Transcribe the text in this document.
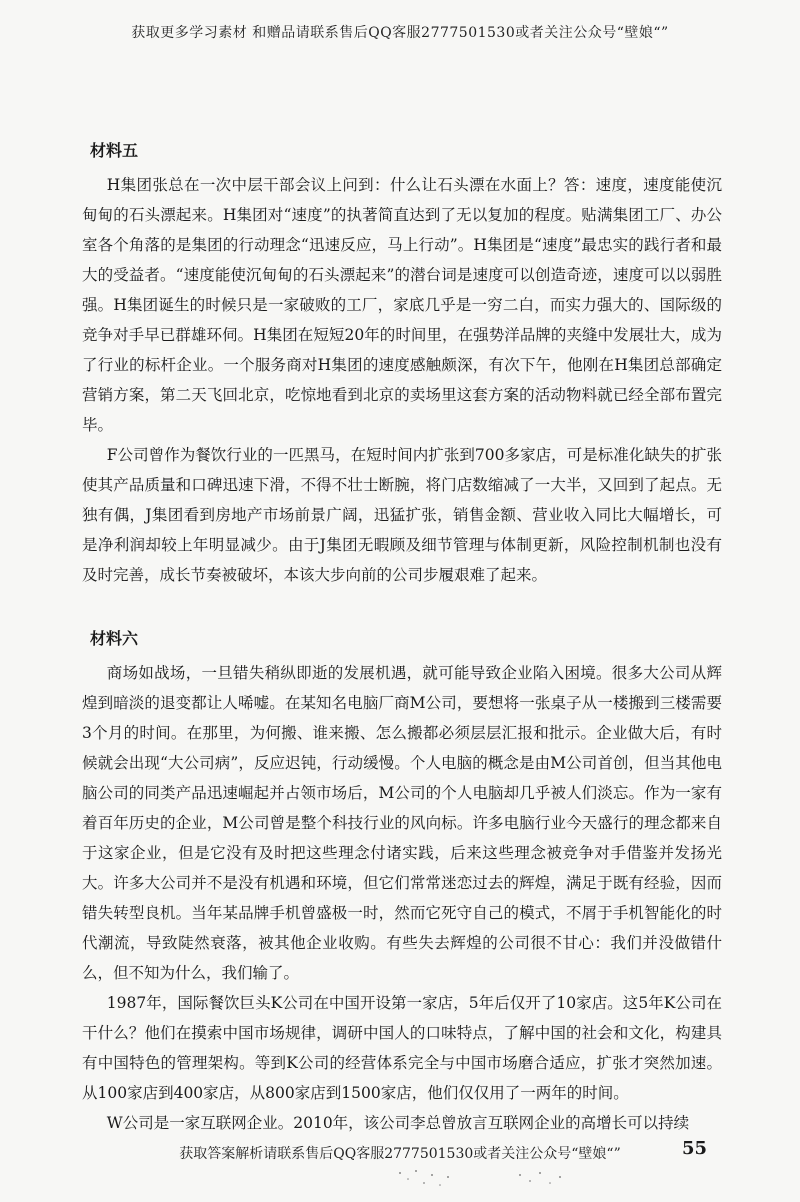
获取更多学习素材 和赠品请联系售后QQ客服2777501530或者关注公众号“壁娘“”
材料五

H集团张总在一次中层干部会议上问到：什么让石头漂在水面上？答：速度，速度能使沉甸甸的石头漂起来。H集团对“速度”的执著简直达到了无以复加的程度。贴满集团工厂、办公室各个角落的是集团的行动理念“迅速反应，马上行动”。H集团是“速度”最忠实的践行者和最大的受益者。“速度能使沉甸甸的石头漂起来”的潜台词是速度可以创造奇迹，速度可以以弱胜强。H集团诞生的时候只是一家破败的工厂，家底几乎是一穷二白，而实力强大的、国际级的竞争对手早已群雄环伺。H集团在短短20年的时间里，在强势洋品牌的夹缝中发展壮大，成为了行业的标杆企业。一个服务商对H集团的速度感触颇深，有次下午，他刚在H集团总部确定营销方案，第二天飞回北京，吃惊地看到北京的卖场里这套方案的活动物料就已经全部布置完毕。

F公司曾作为餐饮行业的一匹黑马，在短时间内扩张到700多家店，可是标准化缺失的扩张使其产品质量和口碑迅速下滑，不得不壮士断腕，将门店数缩减了一大半，又回到了起点。无独有偶，J集团看到房地产市场前景广阔，迅猛扩张，销售金额、营业收入同比大幅增长，可是净利润却较上年明显减少。由于J集团无暇顾及细节管理与体制更新，风险控制机制也没有及时完善，成长节奏被破坏，本该大步向前的公司步履艰难了起来。

材料六

商场如战场，一旦错失稍纵即逝的发展机遇，就可能导致企业陷入困境。很多大公司从辉煌到暗淡的退变都让人唏嘘。在某知名电脑厂商M公司，要想将一张桌子从一楼搬到三楼需要3个月的时间。在那里，为何搬、谁来搬、怎么搬都必须层层汇报和批示。企业做大后，有时候就会出现“大公司病”，反应迟钝，行动缓慢。个人电脑的概念是由M公司首创，但当其他电脑公司的同类产品迅速崛起并占领市场后，M公司的个人电脑却几乎被人们淡忘。作为一家有着百年历史的企业，M公司曾是整个科技行业的风向标。许多电脑行业今天盛行的理念都来自于这家企业，但是它没有及时把这些理念付诸实践，后来这些理念被竞争对手借鉴并发扬光大。许多大公司并不是没有机遇和环境，但它们常常迷恋过去的辉煌，满足于既有经验，因而错失转型良机。当年某品牌手机曾盛极一时，然而它死守自己的模式，不屑于手机智能化的时代潮流，导致陡然衰落，被其他企业收购。有些失去辉煌的公司很不甘心：我们并没做错什么，但不知为什么，我们输了。

1987年，国际餐饮巨头K公司在中国开设第一家店，5年后仅开了10家店。这5年K公司在干什么？他们在摸索中国市场规律，调研中国人的口味特点，了解中国的社会和文化，构建具有中国特色的管理架构。等到K公司的经营体系完全与中国市场磨合适应，扩张才突然加速。从100家店到400家店，从800家店到1500家店，他们仅仅用了一两年的时间。

W公司是一家互联网企业。2010年，该公司李总曾放言互联网企业的高增长可以持续

获取答案解析请联系售后QQ客服2777501530或者关注公众号“壁娘“”	55
